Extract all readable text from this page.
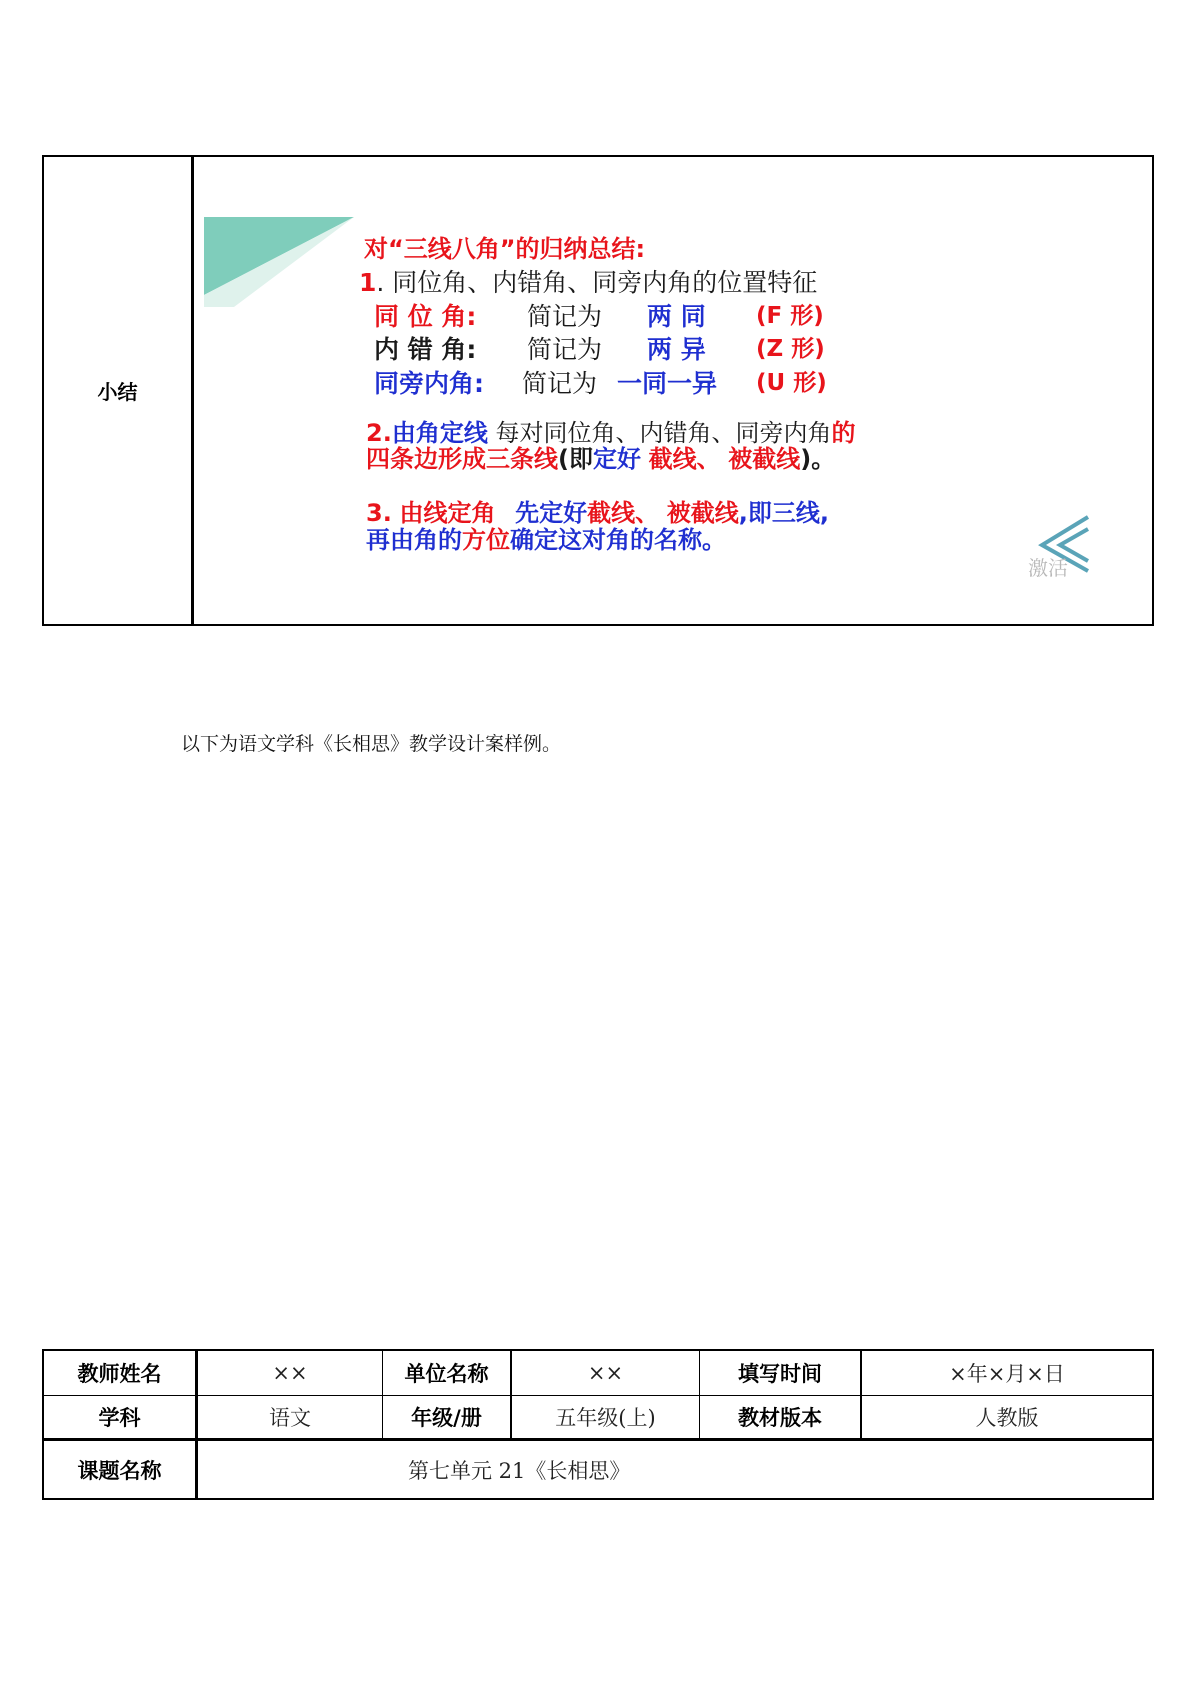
小结
对“三线八角”的归纳总结:
1. 同位角、内错角、同旁内角的位置特征
同 位 角: 简记为 两 同 (F 形)
内 错 角: 简记为 两 异 (Z 形)
同旁内角: 简记为 一同一异 (U 形)
2.由角定线 每对同位角、内错角、同旁内角的
四条边形成三条线(即定好 截线、 被截线)。
3. 由线定角 先定好截线、 被截线,即三线,
再由角的方位确定这对角的名称。
激活
以下为语文学科《长相思》教学设计案样例。
教师姓名	××	单位名称	××	填写时间	×年×月×日
学科	语文	年级/册	五年级(上)	教材版本	人教版
课题名称	第七单元 21《长相思》
